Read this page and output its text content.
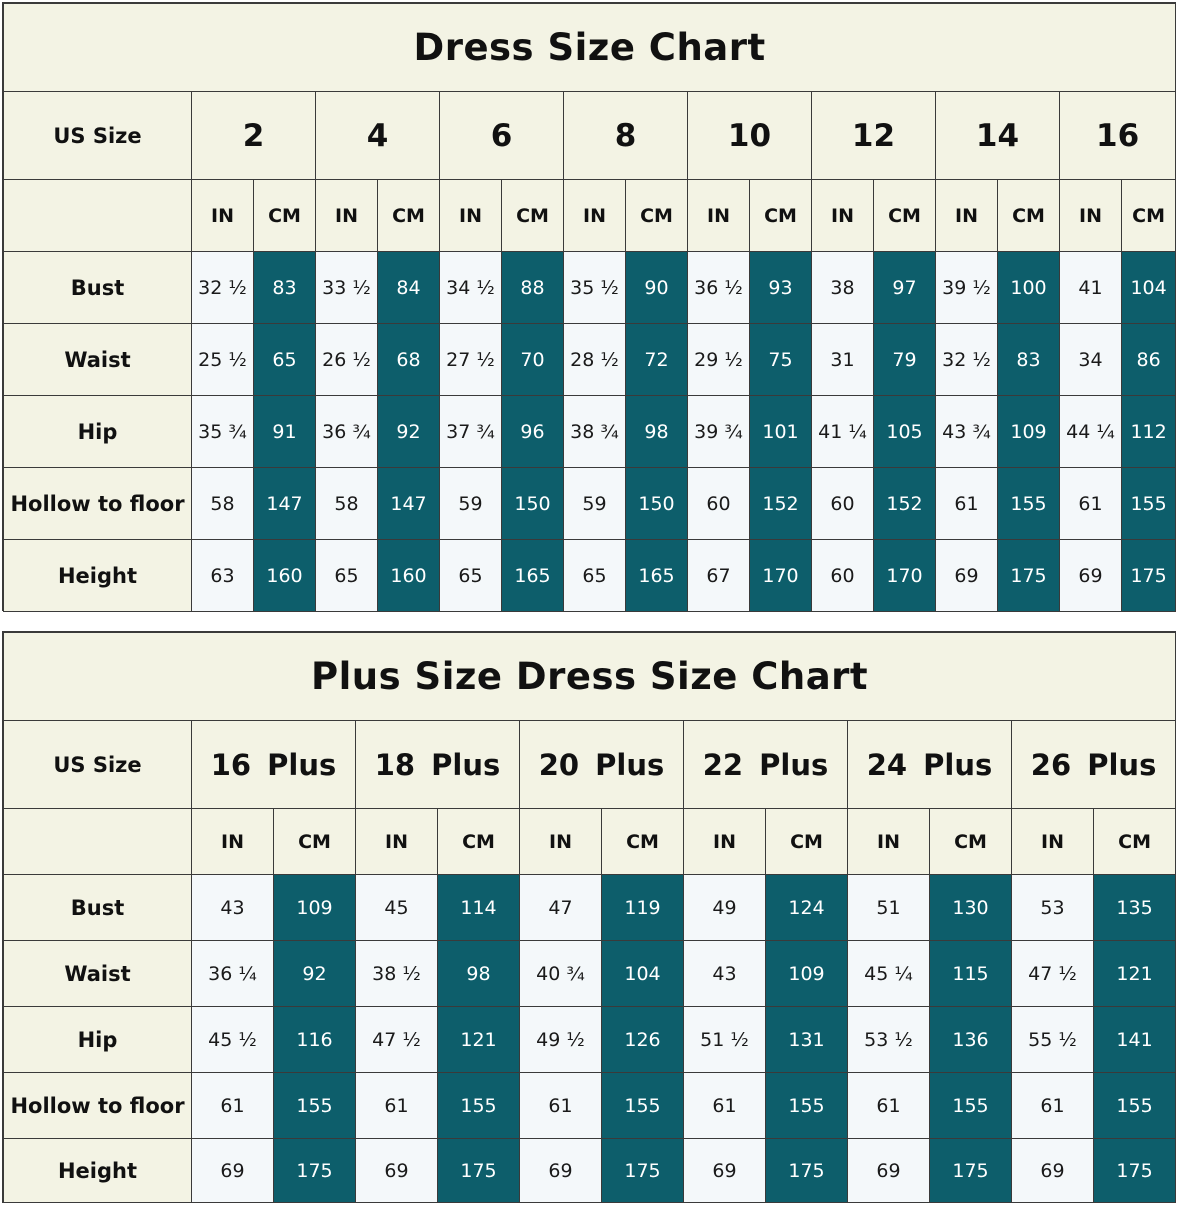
Dress Size Chart																
US Size	2		4		6		8		10		12		14		16	
	IN	CM	IN	CM	IN	CM	IN	CM	IN	CM	IN	CM	IN	CM	IN	CM
Bust	32 ½	83	33 ½	84	34 ½	88	35 ½	90	36 ½	93	38	97	39 ½	100	41	104
Waist	25 ½	65	26 ½	68	27 ½	70	28 ½	72	29 ½	75	31	79	32 ½	83	34	86
Hip	35 ¾	91	36 ¾	92	37 ¾	96	38 ¾	98	39 ¾	101	41 ¼	105	43 ¾	109	44 ¼	112
Hollow to floor	58	147	58	147	59	150	59	150	60	152	60	152	61	155	61	155
Height	63	160	65	160	65	165	65	165	67	170	60	170	69	175	69	175
Plus Size Dress Size Chart												
US Size	16 Plus		18 Plus		20 Plus		22 Plus		24 Plus		26 Plus	
	IN	CM	IN	CM	IN	CM	IN	CM	IN	CM	IN	CM
Bust	43	109	45	114	47	119	49	124	51	130	53	135
Waist	36 ¼	92	38 ½	98	40 ¾	104	43	109	45 ¼	115	47 ½	121
Hip	45 ½	116	47 ½	121	49 ½	126	51 ½	131	53 ½	136	55 ½	141
Hollow to floor	61	155	61	155	61	155	61	155	61	155	61	155
Height	69	175	69	175	69	175	69	175	69	175	69	175
